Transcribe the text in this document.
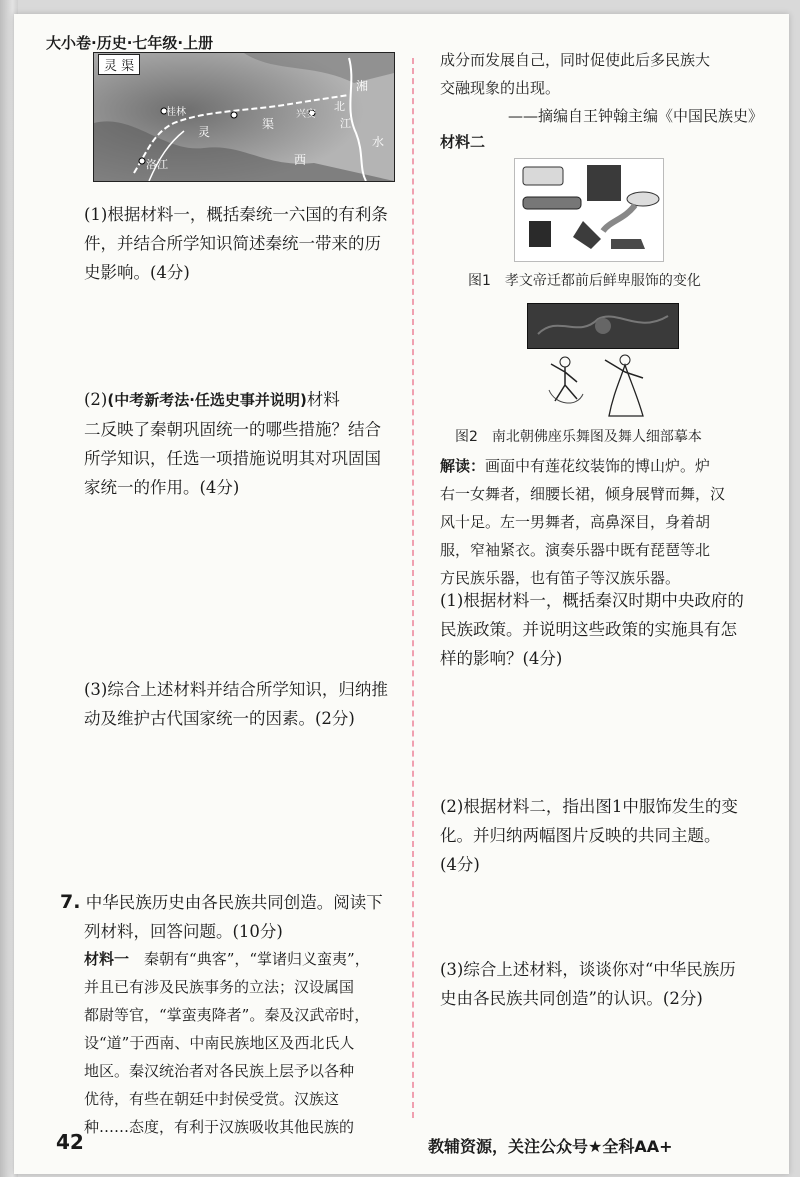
大小卷·历史·七年级·上册
灵 渠
湘
北
江
水
洛江
灵
渠
兴安
桂林
西
(1)根据材料一，概括秦统一六国的有利条
件，并结合所学知识简述秦统一带来的历
史影响。(4分)
(2)(中考新考法·任选史事并说明)材料
二反映了秦朝巩固统一的哪些措施？结合
所学知识，任选一项措施说明其对巩固国
家统一的作用。(4分)
(3)综合上述材料并结合所学知识，归纳推
动及维护古代国家统一的因素。(2分)
7. 中华民族历史由各民族共同创造。阅读下
列材料，回答问题。(10分)
材料一　 秦朝有“典客”，“掌诸归义蛮夷”，
并且已有涉及民族事务的立法；汉设属国
都尉等官，“掌蛮夷降者”。秦及汉武帝时，
设“道”于西南、中南民族地区及西北氏人
地区。秦汉统治者对各民族上层予以各种
优待，有些在朝廷中封侯受赏。汉族这
种……态度，有利于汉族吸收其他民族的
成分而发展自己，同时促使此后多民族大
交融现象的出现。
——摘编自王钟翰主编《中国民族史》
材料二
图1　孝文帝迁都前后鲜卑服饰的变化
图2　南北朝佛座乐舞图及舞人细部摹本
解读：画面中有莲花纹装饰的博山炉。炉
右一女舞者，细腰长裙，倾身展臂而舞，汉
风十足。左一男舞者，高鼻深目，身着胡
服，窄袖紧衣。演奏乐器中既有琵琶等北
方民族乐器，也有笛子等汉族乐器。
(1)根据材料一，概括秦汉时期中央政府的
民族政策。并说明这些政策的实施具有怎
样的影响？(4分)
(2)根据材料二，指出图1中服饰发生的变
化。并归纳两幅图片反映的共同主题。
(4分)
(3)综合上述材料，谈谈你对“中华民族历
史由各民族共同创造”的认识。(2分)
42	教辅资源，关注公众号★全科AA+
